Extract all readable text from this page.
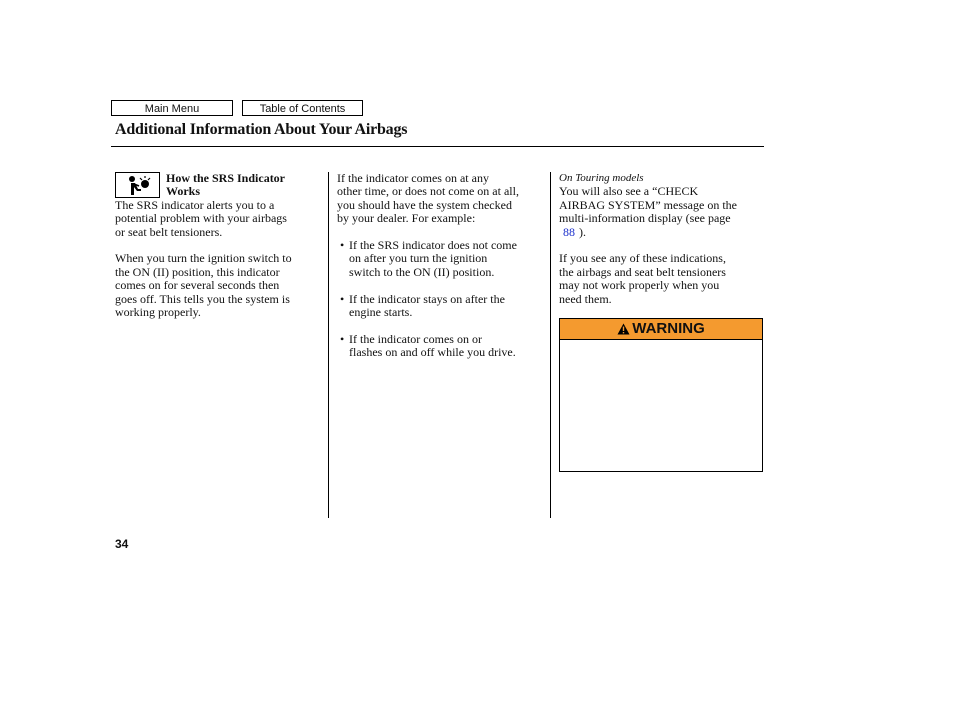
Main Menu	Table of Contents
Additional Information About Your Airbags
How the SRS Indicator
Works

The SRS indicator alerts you to a
potential problem with your airbags
or seat belt tensioners.

When you turn the ignition switch to
the ON (II) position, this indicator
comes on for several seconds then
goes off. This tells you the system is
working properly.

If the indicator comes on at any
other time, or does not come on at all,
you should have the system checked
by your dealer. For example:

• If the SRS indicator does not come
on after you turn the ignition
switch to the ON (II) position.

• If the indicator stays on after the
engine starts.

• If the indicator comes on or
flashes on and off while you drive.

On Touring models

You will also see a “CHECK
AIRBAG SYSTEM” message on the
multi-information display (see page
88 ).

If you see any of these indications,
the airbags and seat belt tensioners
may not work properly when you
need them.

WARNING
34
